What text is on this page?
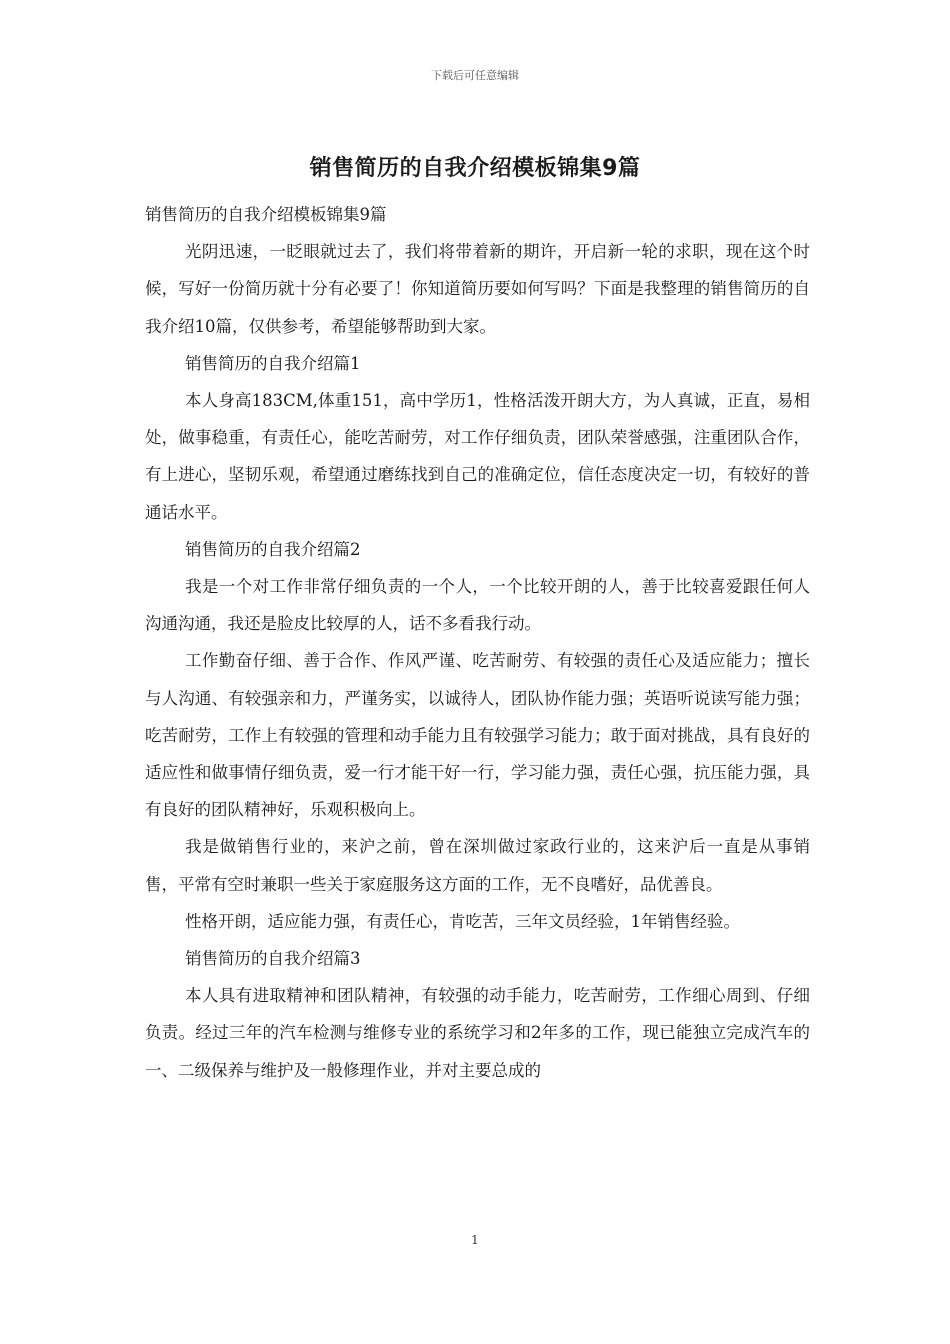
下载后可任意编辑
销售简历的自我介绍模板锦集9篇

销售简历的自我介绍模板锦集9篇

光阴迅速，一眨眼就过去了，我们将带着新的期许，开启新一轮的求职，现在这个时候，写好一份简历就十分有必要了！你知道简历要如何写吗？下面是我整理的销售简历的自我介绍10篇，仅供参考，希望能够帮助到大家。

销售简历的自我介绍篇1

本人身高183CM,体重151，高中学历1，性格活泼开朗大方，为人真诚，正直，易相处，做事稳重，有责任心，能吃苦耐劳，对工作仔细负责，团队荣誉感强，注重团队合作，有上进心，坚韧乐观，希望通过磨练找到自己的准确定位，信任态度决定一切，有较好的普通话水平。

销售简历的自我介绍篇2

我是一个对工作非常仔细负责的一个人，一个比较开朗的人，善于比较喜爱跟任何人沟通沟通，我还是脸皮比较厚的人，话不多看我行动。

工作勤奋仔细、善于合作、作风严谨、吃苦耐劳、有较强的责任心及适应能力；擅长与人沟通、有较强亲和力，严谨务实，以诚待人，团队协作能力强；英语听说读写能力强；吃苦耐劳，工作上有较强的管理和动手能力且有较强学习能力；敢于面对挑战，具有良好的适应性和做事情仔细负责，爱一行才能干好一行，学习能力强，责任心强，抗压能力强，具有良好的团队精神好，乐观积极向上。

我是做销售行业的，来沪之前，曾在深圳做过家政行业的，这来沪后一直是从事销售，平常有空时兼职一些关于家庭服务这方面的工作，无不良嗜好，品优善良。

性格开朗，适应能力强，有责任心，肯吃苦，三年文员经验，1年销售经验。

销售简历的自我介绍篇3

本人具有进取精神和团队精神，有较强的动手能力，吃苦耐劳，工作细心周到、仔细负责。经过三年的汽车检测与维修专业的系统学习和2年多的工作，现已能独立完成汽车的一、二级保养与维护及一般修理作业，并对主要总成的

1
